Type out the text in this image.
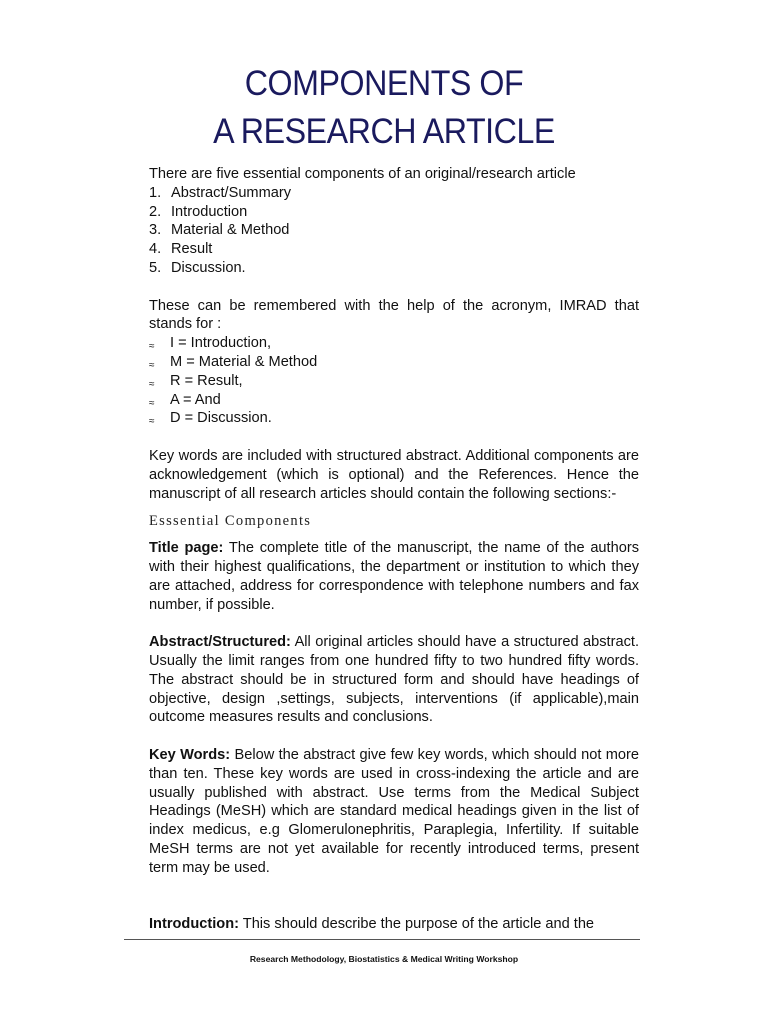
COMPONENTS OF
A RESEARCH ARTICLE

There are five essential components of an original/research article

1. Abstract/Summary
2. Introduction
3. Material & Method
4. Result
5. Discussion.

These can be remembered with the help of the acronym, IMRAD that stands for :

≈ I = Introduction,
≈ M = Material & Method
≈ R = Result,
≈ A = And
≈ D = Discussion.

Key words are included with structured abstract. Additional components are acknowledgement (which is optional) and the References. Hence the manuscript of all research articles should contain the following sections:-

Esssential Components

Title page: The complete title of the manuscript, the name of the authors with their highest qualifications, the department or institution to which they are attached, address for correspondence with telephone numbers and fax number, if possible.

Abstract/Structured: All original articles should have a structured abstract. Usually the limit ranges from one hundred fifty to two hundred fifty words. The abstract should be in structured form and should have headings of objective, design ,settings, subjects, interventions (if applicable),main outcome measures results and conclusions.

Key Words: Below the abstract give few key words, which should not more than ten. These key words are used in cross-indexing the article and are usually published with abstract. Use terms from the Medical Subject Headings (MeSH) which are standard medical headings given in the list of index medicus, e.g Glomerulonephritis, Paraplegia, Infertility. If suitable MeSH terms are not yet available for recently introduced terms, present term may be used.

Introduction: This should describe the purpose of the article and the

Research Methodology, Biostatistics & Medical Writing Workshop
